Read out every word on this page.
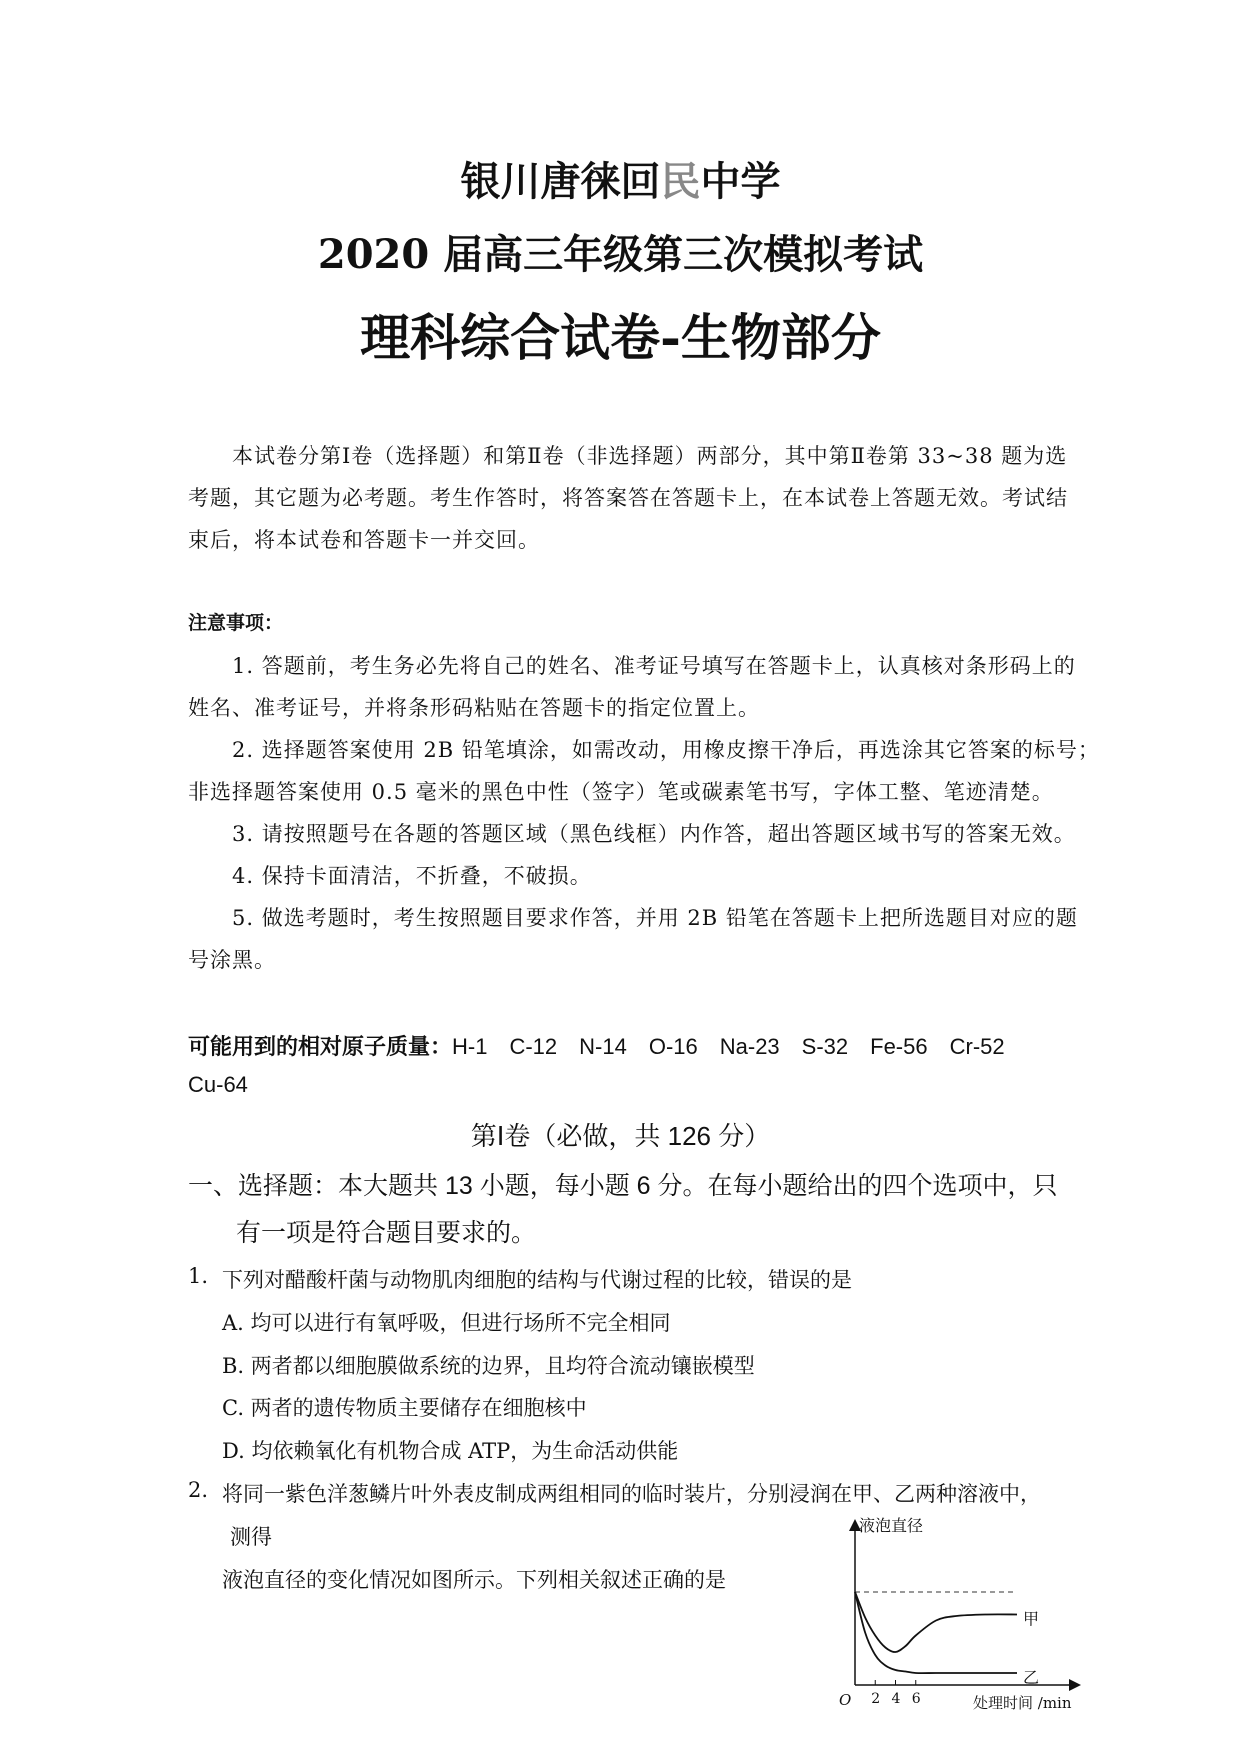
银川唐徕回民中学
2020 届高三年级第三次模拟考试
理科综合试卷-生物部分
本试卷分第Ⅰ卷（选择题）和第Ⅱ卷（非选择题）两部分，其中第Ⅱ卷第 33~38 题为选
考题，其它题为必考题。考生作答时，将答案答在答题卡上，在本试卷上答题无效。考试结
束后，将本试卷和答题卡一并交回。
注意事项：
1. 答题前，考生务必先将自己的姓名、准考证号填写在答题卡上，认真核对条形码上的
姓名、准考证号，并将条形码粘贴在答题卡的指定位置上。
2. 选择题答案使用 2B 铅笔填涂，如需改动，用橡皮擦干净后，再选涂其它答案的标号；
非选择题答案使用 0.5 毫米的黑色中性（签字）笔或碳素笔书写，字体工整、笔迹清楚。
3. 请按照题号在各题的答题区域（黑色线框）内作答，超出答题区域书写的答案无效。
4. 保持卡面清洁，不折叠，不破损。
5. 做选考题时，考生按照题目要求作答，并用 2B 铅笔在答题卡上把所选题目对应的题
号涂黑。
可能用到的相对原子质量：H-1　C-12　N-14　O-16　Na-23　S-32　Fe-56　Cr-52
Cu-64
第Ⅰ卷（必做，共 126 分）
一、选择题：本大题共 13 小题，每小题 6 分。在每小题给出的四个选项中，只
有一项是符合题目要求的。
1. 下列对醋酸杆菌与动物肌肉细胞的结构与代谢过程的比较，错误的是
A. 均可以进行有氧呼吸，但进行场所不完全相同
B. 两者都以细胞膜做系统的边界，且均符合流动镶嵌模型
C. 两者的遗传物质主要储存在细胞核中
D. 均依赖氧化有机物合成 ATP，为生命活动供能
2. 将同一紫色洋葱鳞片叶外表皮制成两组相同的临时装片，分别浸润在甲、乙两种溶液中，
测得
液泡直径的变化情况如图所示。下列相关叙述正确的是
液泡直径
处理时间 /min
O 2 4 6
甲
乙
